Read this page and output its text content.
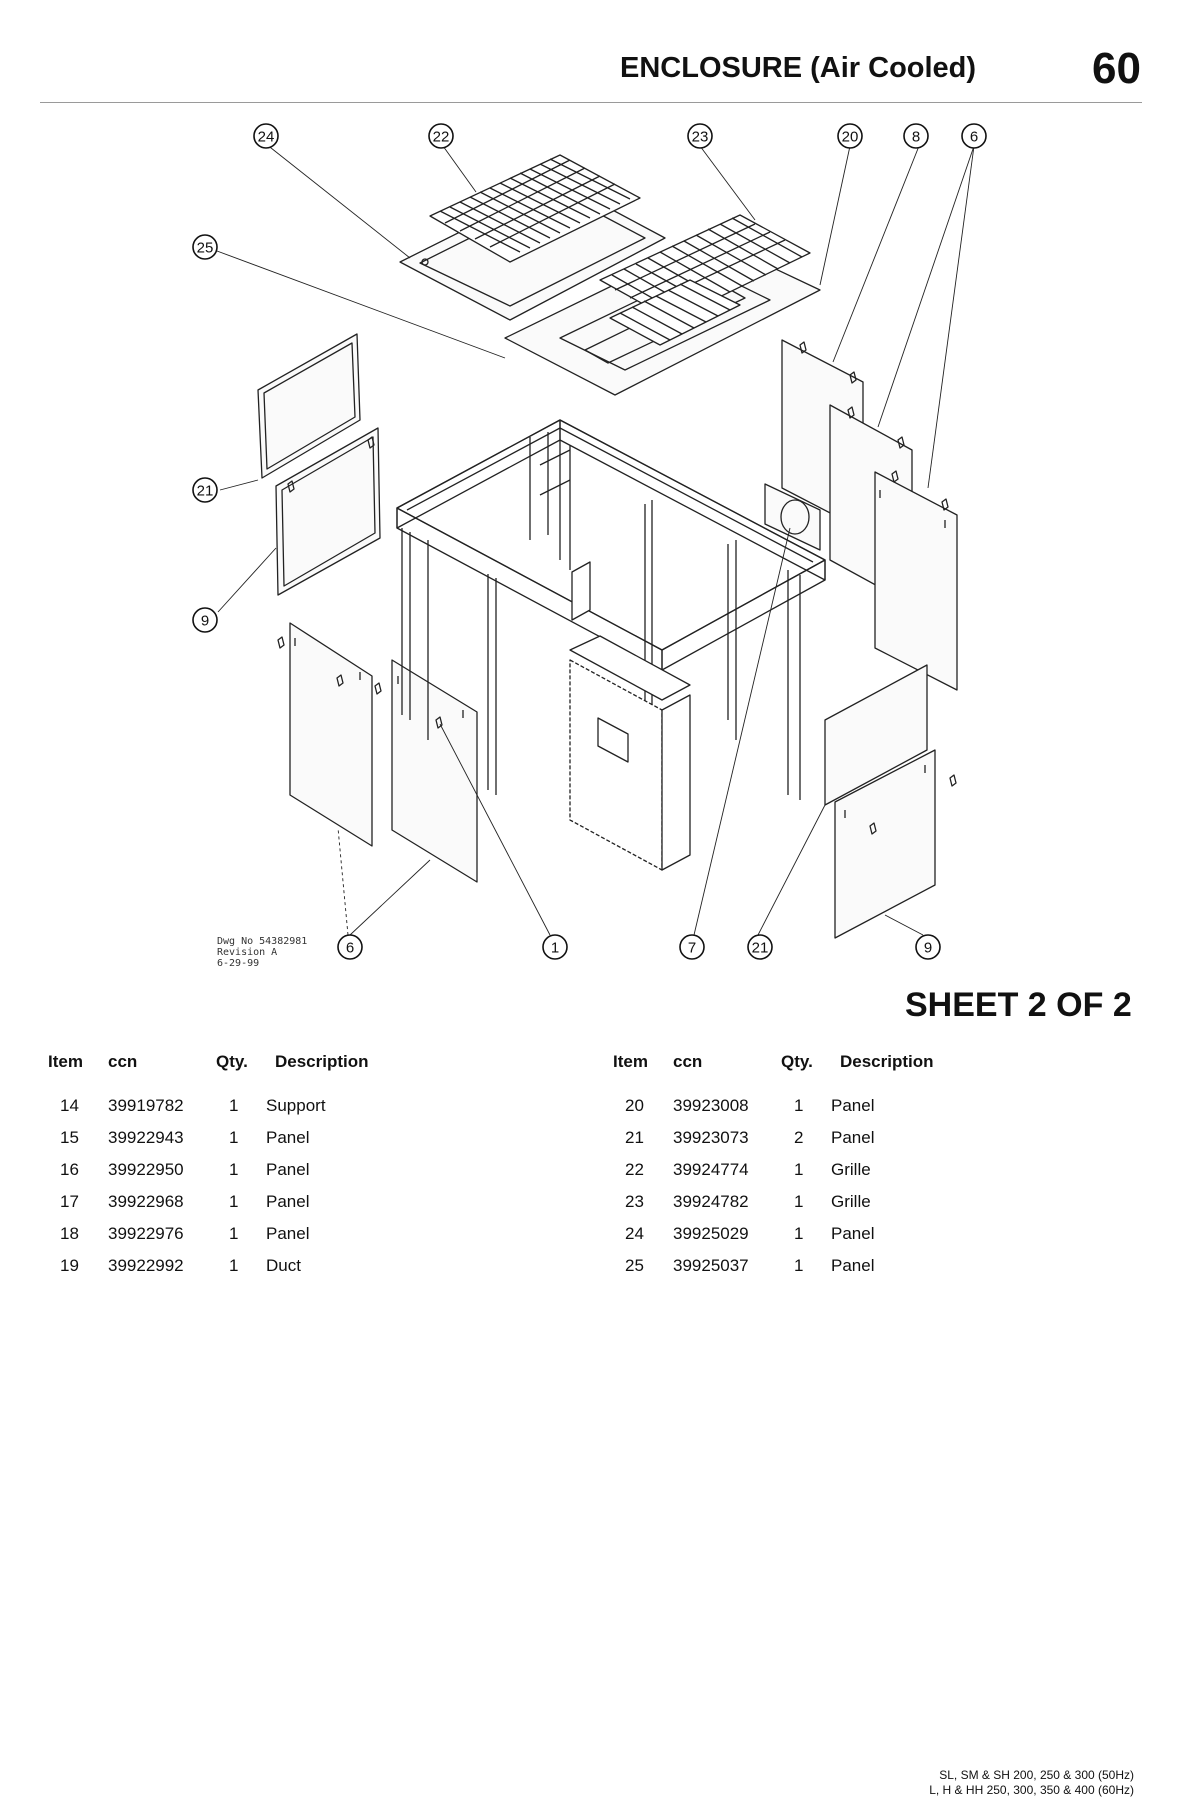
ENCLOSURE (Air Cooled)	60
24	22	23	20	8	6
25
21
9
6	1	7	21	9
Dwg No 54382981
Revision A
6-29-99
SHEET 2 OF 2
Item ccn	Qty. Description
14 39919782	1 Support
15 39922943	1 Panel
16 39922950	1 Panel
17 39922968	1 Panel
18 39922976	1 Panel
19 39922992	1 Duct
Item ccn	Qty. Description
20 39923008	1 Panel
21 39923073	2 Panel
22 39924774	1 Grille
23 39924782	1 Grille
24 39925029	1 Panel
25 39925037	1 Panel
SL, SM & SH 200, 250 & 300 (50Hz)
L, H & HH 250, 300, 350 & 400 (60Hz)
